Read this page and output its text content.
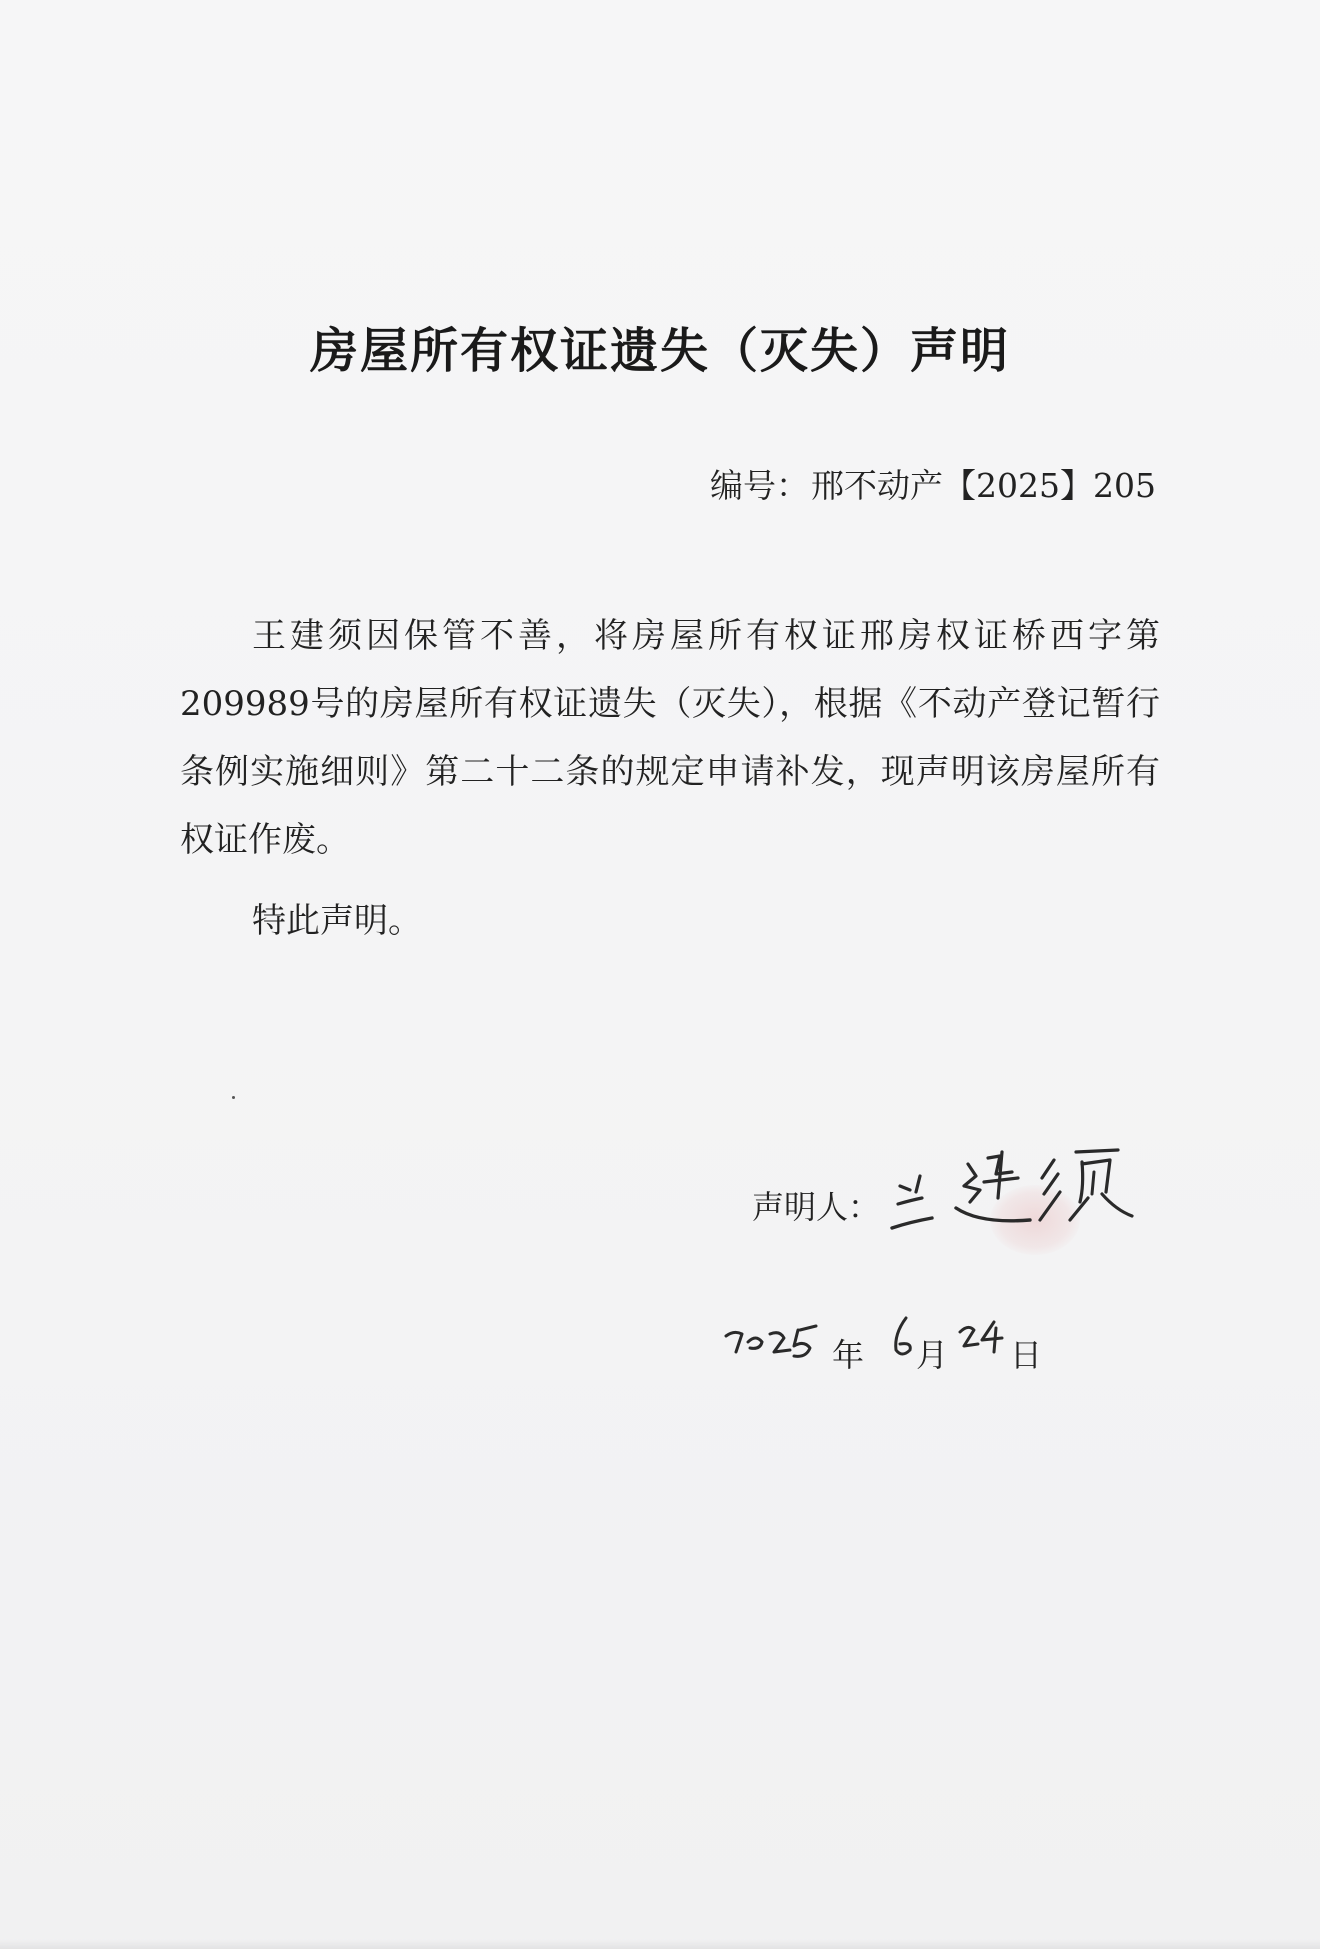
房屋所有权证遗失（灭失）声明
编号：邢不动产【2025】205
王建须因保管不善，将房屋所有权证邢房权证桥西字第209989号的房屋所有权证遗失（灭失），根据《不动产登记暂行条例实施细则》第二十二条的规定申请补发，现声明该房屋所有权证作废。
特此声明。
声明人：
年 月 日
